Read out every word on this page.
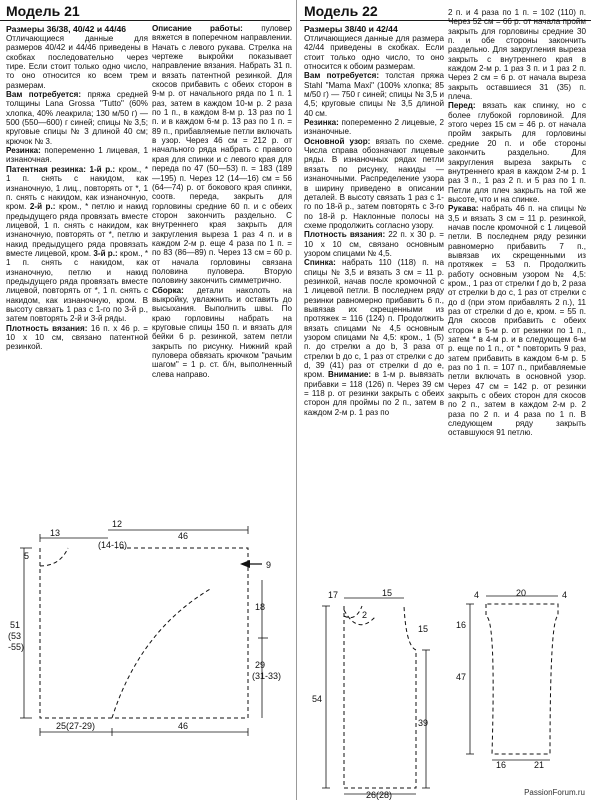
Модель 21

Размеры 36/38, 40/42 и 44/46

Отличающиеся данные для размеров 40/42 и 44/46 приведены в скобках последовательно через тире. Если стоит только одно число, то оно относится ко всем трем размерам.

Вам потребуется: пряжа средней толщины Lana Grossa "Tutto" (60% хлопка, 40% леакрила; 130 м/50 г) — 500 (550—600) г синей; спицы № 3,5; круговые спицы № 3 длиной 40 см; крючок № 3.

Резинка: попеременно 1 лицевая, 1 изнаночная.

Патентная резинка: 1-й р.: кром., * 1 п. снять с накидом, как изнаночную, 1 лиц., повторять от *, 1 п. снять с накидом, как изнаночную, кром. 2-й р.: кром., * петлю и накид предыдущего ряда провязать вместе лицевой, 1 п. снять с накидом, как изнаночную, повторять от *, петлю и накид предыдущего ряда провязать вместе лицевой, кром. 3-й р.: кром., * 1 п. снять с накидом, как изнаночную, петлю и накид предыдущего ряда провязать вместе лицевой, повторять от *, 1 п. снять с накидом, как изнаночную, кром. В высоту связать 1 раз с 1-го по 3-й р., затем повторять 2-й и 3-й ряды.

Плотность вязания: 16 п. х 46 р. = 10 х 10 см, связано патентной резинкой.

Описание работы: пуловер вяжется в поперечном направлении. Начать с левого рукава. Стрелка на чертеже выкройки показывает направление вязания. Набрать 31 п. и вязать патентной резинкой. Для скосов прибавить с обеих сторон в 9-м р. от начального ряда по 1 п. 1 раз, затем в каждом 10-м р. 2 раза по 1 п., в каждом 8-м р. 13 раз по 1 п. и в каждом 6-м р. 13 раз по 1 п. = 89 п., прибавляемые петли включать в узор. Через 46 см = 212 р. от начального ряда набрать с правого края для спинки и с левого края для переда по 47 (50—53) п. = 183 (189—195) п. Через 12 (14—16) см = 56 (64—74) р. от бокового края спинки, соотв. переда, закрыть для горловины средние 60 п. и с обеих сторон закончить раздельно. С внутреннего края закрыть для закругления выреза 1 раз 4 п. и в каждом 2-м р. еще 4 раза по 1 п. = по 83 (86—89) п. Через 13 см = 60 р. от начала горловины связана половина пуловера. Вторую половину закончить симметрично.

Сборка: детали наколоть на выкройку, увлажнить и оставить до высыхания. Выполнить швы. По краю горловины набрать на круговые спицы 150 п. и вязать для бейки 6 р. резинкой, затем петли закрыть по рисунку. Нижний край пуловера обвязать крючком "рачьим шагом" = 1 р. ст. б/н, выполненный слева направо.

13
12
(14-16)
46
5
9
18
51
(53
-55)
29
(31-33)
25(27-29)	46
Модель 22

Размеры 38/40 и 42/44

Отличающиеся данные для размера 42/44 приведены в скобках. Если стоит только одно число, то оно относится к обоим размерам.

Вам потребуется: толстая пряжа Stahl "Mama Maxi" (100% хлопка; 85 м/50 г) — 750 г синей; спицы № 3,5 и 4,5; круговые спицы № 3,5 длиной 40 см.

Резинка: попеременно 2 лицевые, 2 изнаночные.

Основной узор: вязать по схеме. Числа справа обозначают лицевые ряды. В изнаночных рядах петли вязать по рисунку, накиды — изнаночными. Распределение узора в ширину приведено в описании деталей. В высоту связать 1 раз с 1-го по 18-й р., затем повторять с 3-го по 18-й р. Наклонные полосы на схеме продолжить согласно узору.

Плотность вязания: 22 п. х 30 р. = 10 х 10 см, связано основным узором спицами № 4,5.

Спинка: набрать 110 (118) п. на спицы № 3,5 и вязать 3 см = 11 р. резинкой, начав после кромочной с 1 лицевой петли. В последнем ряду резинки равномерно прибавить 6 п., вывязав их скрещенными из протяжек = 116 (124) п. Продолжить вязать спицами № 4,5 основным узором спицами № 4,5: кром., 1 (5) п. до стрелки а до b, 3 раза от стрелки b до c, 1 раз от стрелки c до d, 39 (41) раз от стрелки d до e, кром. Внимание: в 1-м р. вывязать прибавки = 118 (126) п. Через 39 см = 118 р. от резинки закрыть с обеих сторон для проймы по 2 п., затем в каждом 2-м р. 1 раз по

2 п. и 4 раза по 1 п. = 102 (110) п. Через 52 см = 66 р. от начала пройм закрыть для горловины средние 30 п. и обе стороны закончить раздельно. Для закругления выреза закрыть с внутреннего края в каждом 2-м р. 1 раз 3 п. и 1 раз 2 п. Через 2 см = 6 р. от начала выреза закрыть оставшиеся 31 (35) п. плеча.

Перед: вязать как спинку, но с более глубокой горловиной. Для этого через 15 см = 46 р. от начала пройм закрыть для горловины средние 20 п. и обе стороны закончить раздельно. Для закругления выреза закрыть с внутреннего края в каждом 2-м р. 1 раз 3 п., 1 раз 2 п. и 5 раз по 1 п. Петли для плеч закрыть на той же высоте, что и на спинке.

Рукава: набрать 46 п. на спицы № 3,5 и вязать 3 см = 11 р. резинкой, начав после кромочной с 1 лицевой петли. В последнем ряду резинки равномерно прибавить 7 п., вывязав их скрещенными из протяжек = 53 п. Продолжить работу основным узором № 4,5: кром., 1 раз от стрелки f до b, 2 раза от стрелки b до c, 1 раз от стрелки c до d (при этом прибавлять 2 п.), 11 раз от стрелки d до e, кром. = 55 п. Для скосов прибавить с обеих сторон в 5-м р. от резинки по 1 п., затем * в 4-м р. и в следующем 6-м р. еще по 1 п., от * повторить 9 раз, затем прибавить в каждом 6-м р. 5 раз по 1 п. = 107 п., прибавляемые петли включать в основной узор. Через 47 см = 142 р. от резинки закрыть с обеих сторон для скосов по 2 п., затем в каждом 2-м р. 2 раза по 2 п. и 4 раза по 1 п. В следующем ряду закрыть оставшуюся 91 петлю.

17	15
2
15
54
39
26(28)
4	20	4
16
47
16	21
PassionForum.ru
